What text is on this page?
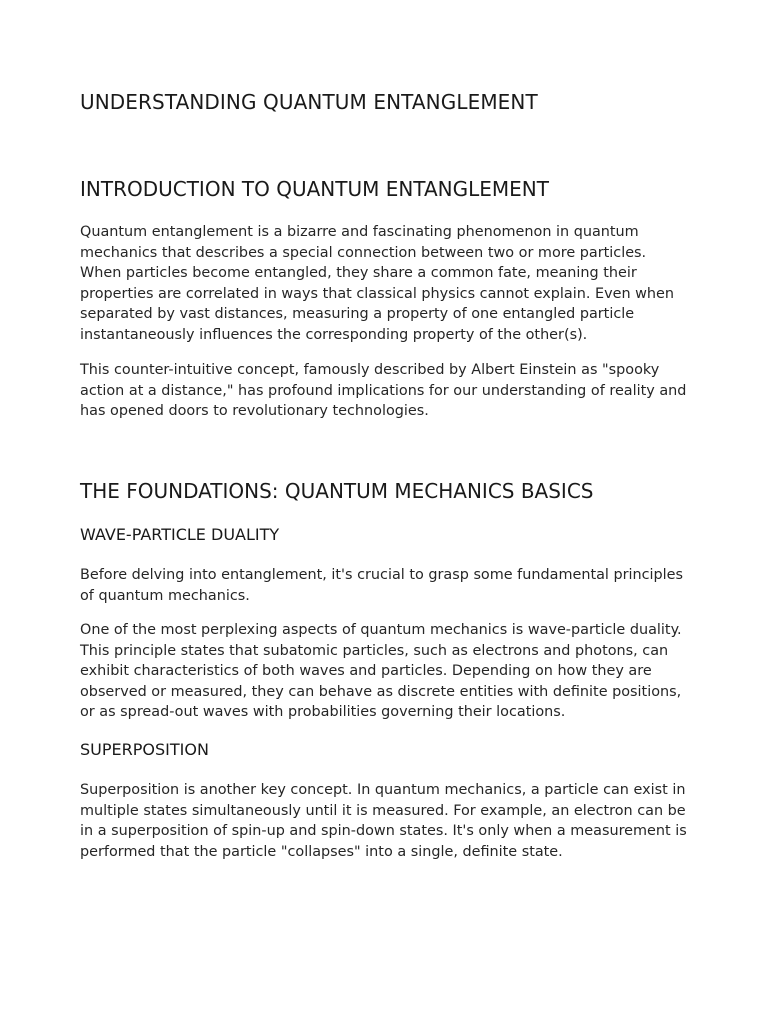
UNDERSTANDING QUANTUM ENTANGLEMENT
INTRODUCTION TO QUANTUM ENTANGLEMENT

Quantum entanglement is a bizarre and fascinating phenomenon in quantum mechanics that describes a special connection between two or more particles. When particles become entangled, they share a common fate, meaning their properties are correlated in ways that classical physics cannot explain. Even when separated by vast distances, measuring a property of one entangled particle instantaneously influences the corresponding property of the other(s).

This counter-intuitive concept, famously described by Albert Einstein as "spooky action at a distance," has profound implications for our understanding of reality and has opened doors to revolutionary technologies.

THE FOUNDATIONS: QUANTUM MECHANICS BASICS
WAVE-PARTICLE DUALITY

Before delving into entanglement, it's crucial to grasp some fundamental principles of quantum mechanics.

One of the most perplexing aspects of quantum mechanics is wave-particle duality. This principle states that subatomic particles, such as electrons and photons, can exhibit characteristics of both waves and particles. Depending on how they are observed or measured, they can behave as discrete entities with definite positions, or as spread-out waves with probabilities governing their locations.

SUPERPOSITION

Superposition is another key concept. In quantum mechanics, a particle can exist in multiple states simultaneously until it is measured. For example, an electron can be in a superposition of spin-up and spin-down states. It's only when a measurement is performed that the particle "collapses" into a single, definite state.
